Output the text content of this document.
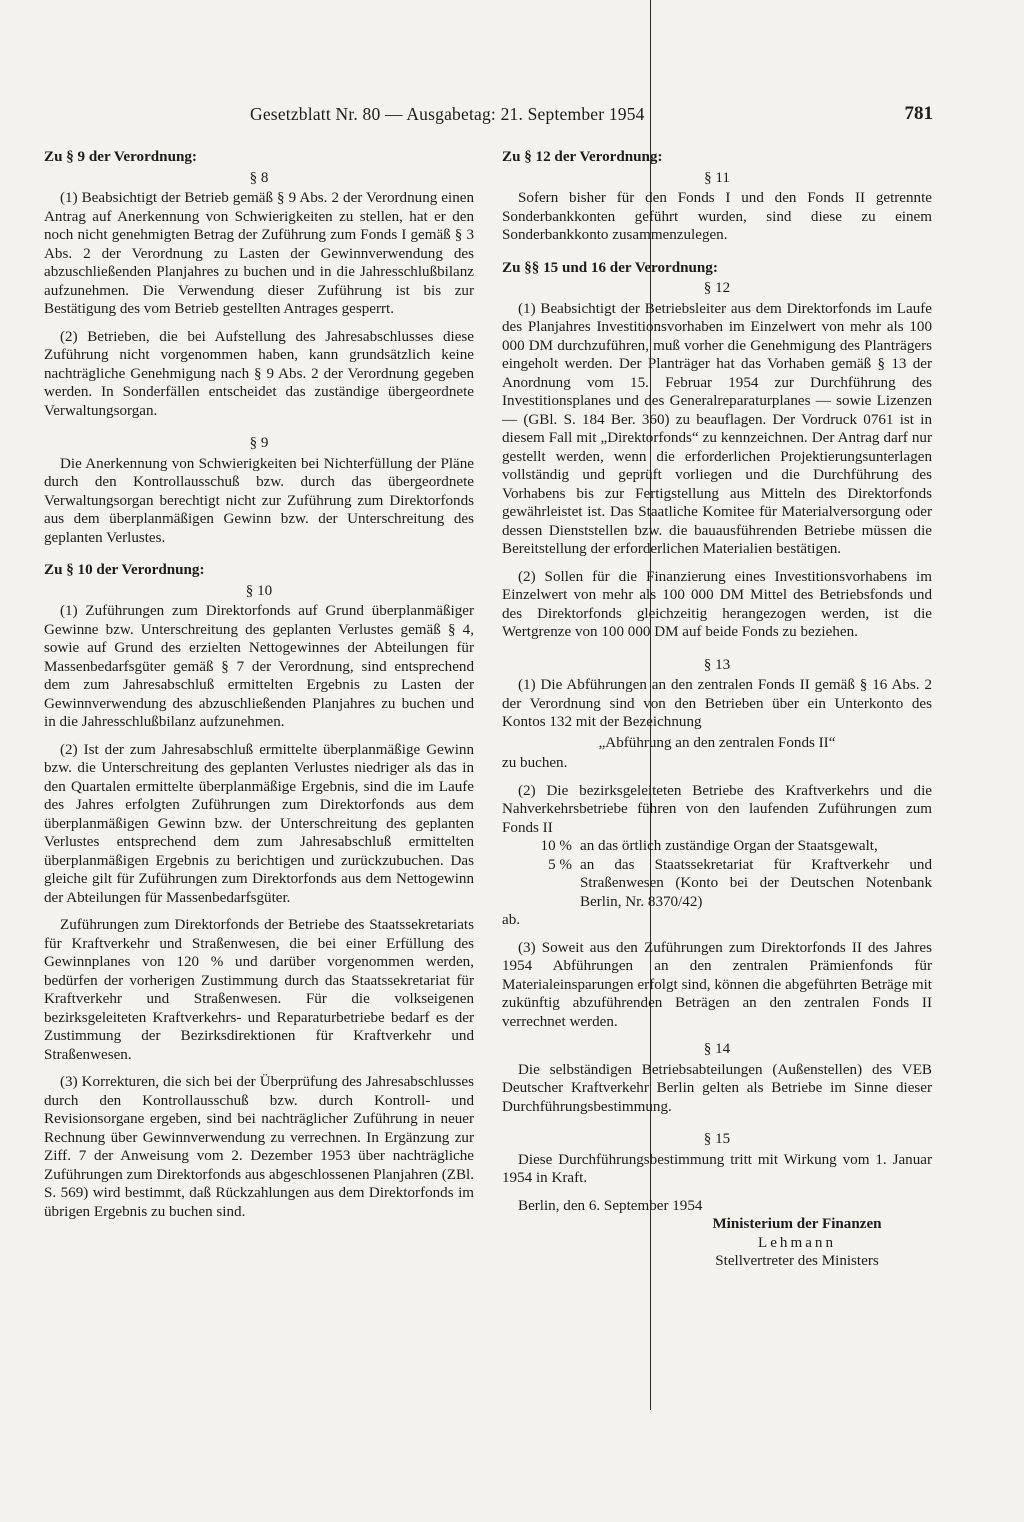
Gesetzblatt Nr. 80 — Ausgabetag: 21. September 1954	781

Zu § 9 der Verordnung:

§ 8

(1) Beabsichtigt der Betrieb gemäß § 9 Abs. 2 der Verordnung einen Antrag auf Anerkennung von Schwierigkeiten zu stellen, hat er den noch nicht genehmigten Betrag der Zuführung zum Fonds I gemäß § 3 Abs. 2 der Verordnung zu Lasten der Gewinnverwendung des abzuschließenden Planjahres zu buchen und in die Jahresschlußbilanz aufzunehmen. Die Verwendung dieser Zuführung ist bis zur Bestätigung des vom Betrieb gestellten Antrages gesperrt.

(2) Betrieben, die bei Aufstellung des Jahresabschlusses diese Zuführung nicht vorgenommen haben, kann grundsätzlich keine nachträgliche Genehmigung nach § 9 Abs. 2 der Verordnung gegeben werden. In Sonderfällen entscheidet das zuständige übergeordnete Verwaltungsorgan.

§ 9

Die Anerkennung von Schwierigkeiten bei Nichterfüllung der Pläne durch den Kontrollausschuß bzw. durch das übergeordnete Verwaltungsorgan berechtigt nicht zur Zuführung zum Direktorfonds aus dem überplanmäßigen Gewinn bzw. der Unterschreitung des geplanten Verlustes.

Zu § 10 der Verordnung:

§ 10

(1) Zuführungen zum Direktorfonds auf Grund überplanmäßiger Gewinne bzw. Unterschreitung des geplanten Verlustes gemäß § 4, sowie auf Grund des erzielten Nettogewinnes der Abteilungen für Massenbedarfsgüter gemäß § 7 der Verordnung, sind entsprechend dem zum Jahresabschluß ermittelten Ergebnis zu Lasten der Gewinnverwendung des abzuschließenden Planjahres zu buchen und in die Jahresschlußbilanz aufzunehmen.

(2) Ist der zum Jahresabschluß ermittelte überplanmäßige Gewinn bzw. die Unterschreitung des geplanten Verlustes niedriger als das in den Quartalen ermittelte überplanmäßige Ergebnis, sind die im Laufe des Jahres erfolgten Zuführungen zum Direktorfonds aus dem überplanmäßigen Gewinn bzw. der Unterschreitung des geplanten Verlustes entsprechend dem zum Jahresabschluß ermittelten überplanmäßigen Ergebnis zu berichtigen und zurückzubuchen. Das gleiche gilt für Zuführungen zum Direktorfonds aus dem Nettogewinn der Abteilungen für Massenbedarfsgüter.

Zuführungen zum Direktorfonds der Betriebe des Staatssekretariats für Kraftverkehr und Straßenwesen, die bei einer Erfüllung des Gewinnplanes von 120 % und darüber vorgenommen werden, bedürfen der vorherigen Zustimmung durch das Staatssekretariat für Kraftverkehr und Straßenwesen. Für die volkseigenen bezirksgeleiteten Kraftverkehrs- und Reparaturbetriebe bedarf es der Zustimmung der Bezirksdirektionen für Kraftverkehr und Straßenwesen.

(3) Korrekturen, die sich bei der Überprüfung des Jahresabschlusses durch den Kontrollausschuß bzw. durch Kontroll- und Revisionsorgane ergeben, sind bei nachträglicher Zuführung in neuer Rechnung über Gewinnverwendung zu verrechnen. In Ergänzung zur Ziff. 7 der Anweisung vom 2. Dezember 1953 über nachträgliche Zuführungen zum Direktorfonds aus abgeschlossenen Planjahren (ZBl. S. 569) wird bestimmt, daß Rückzahlungen aus dem Direktorfonds im übrigen Ergebnis zu buchen sind.

Zu § 12 der Verordnung:

§ 11

Sofern bisher für den Fonds I und den Fonds II getrennte Sonderbankkonten geführt wurden, sind diese zu einem Sonderbankkonto zusammenzulegen.

Zu §§ 15 und 16 der Verordnung:

§ 12

(1) Beabsichtigt der Betriebsleiter aus dem Direktorfonds im Laufe des Planjahres Investitionsvorhaben im Einzelwert von mehr als 100 000 DM durchzuführen, muß vorher die Genehmigung des Planträgers eingeholt werden. Der Planträger hat das Vorhaben gemäß § 13 der Anordnung vom 15. Februar 1954 zur Durchführung des Investitionsplanes und des Generalreparaturplanes — sowie Lizenzen — (GBl. S. 184 Ber. 360) zu beauflagen. Der Vordruck 0761 ist in diesem Fall mit „Direktorfonds“ zu kennzeichnen. Der Antrag darf nur gestellt werden, wenn die erforderlichen Projektierungsunterlagen vollständig und geprüft vorliegen und die Durchführung des Vorhabens bis zur Fertigstellung aus Mitteln des Direktorfonds gewährleistet ist. Das Staatliche Komitee für Materialversorgung oder dessen Dienststellen bzw. die bauausführenden Betriebe müssen die Bereitstellung der erforderlichen Materialien bestätigen.

(2) Sollen für die Finanzierung eines Investitionsvorhabens im Einzelwert von mehr als 100 000 DM Mittel des Betriebsfonds und des Direktorfonds gleichzeitig herangezogen werden, ist die Wertgrenze von 100 000 DM auf beide Fonds zu beziehen.

§ 13

(1) Die Abführungen an den zentralen Fonds II gemäß § 16 Abs. 2 der Verordnung sind von den Betrieben über ein Unterkonto des Kontos 132 mit der Bezeichnung

„Abführung an den zentralen Fonds II“

zu buchen.

(2) Die bezirksgeleiteten Betriebe des Kraftverkehrs und die Nahverkehrsbetriebe führen von den laufenden Zuführungen zum Fonds II

10 % an das örtlich zuständige Organ der Staatsgewalt,
5 % an das Staatssekretariat für Kraftverkehr und Straßenwesen (Konto bei der Deutschen Notenbank Berlin, Nr. 8370/42)

ab.

(3) Soweit aus den Zuführungen zum Direktorfonds II des Jahres 1954 Abführungen an den zentralen Prämienfonds für Materialeinsparungen erfolgt sind, können die abgeführten Beträge mit zukünftig abzuführenden Beträgen an den zentralen Fonds II verrechnet werden.

§ 14

Die selbständigen Betriebsabteilungen (Außenstellen) des VEB Deutscher Kraftverkehr Berlin gelten als Betriebe im Sinne dieser Durchführungsbestimmung.

§ 15

Diese Durchführungsbestimmung tritt mit Wirkung vom 1. Januar 1954 in Kraft.

Berlin, den 6. September 1954

Ministerium der Finanzen

Lehmann

Stellvertreter des Ministers
